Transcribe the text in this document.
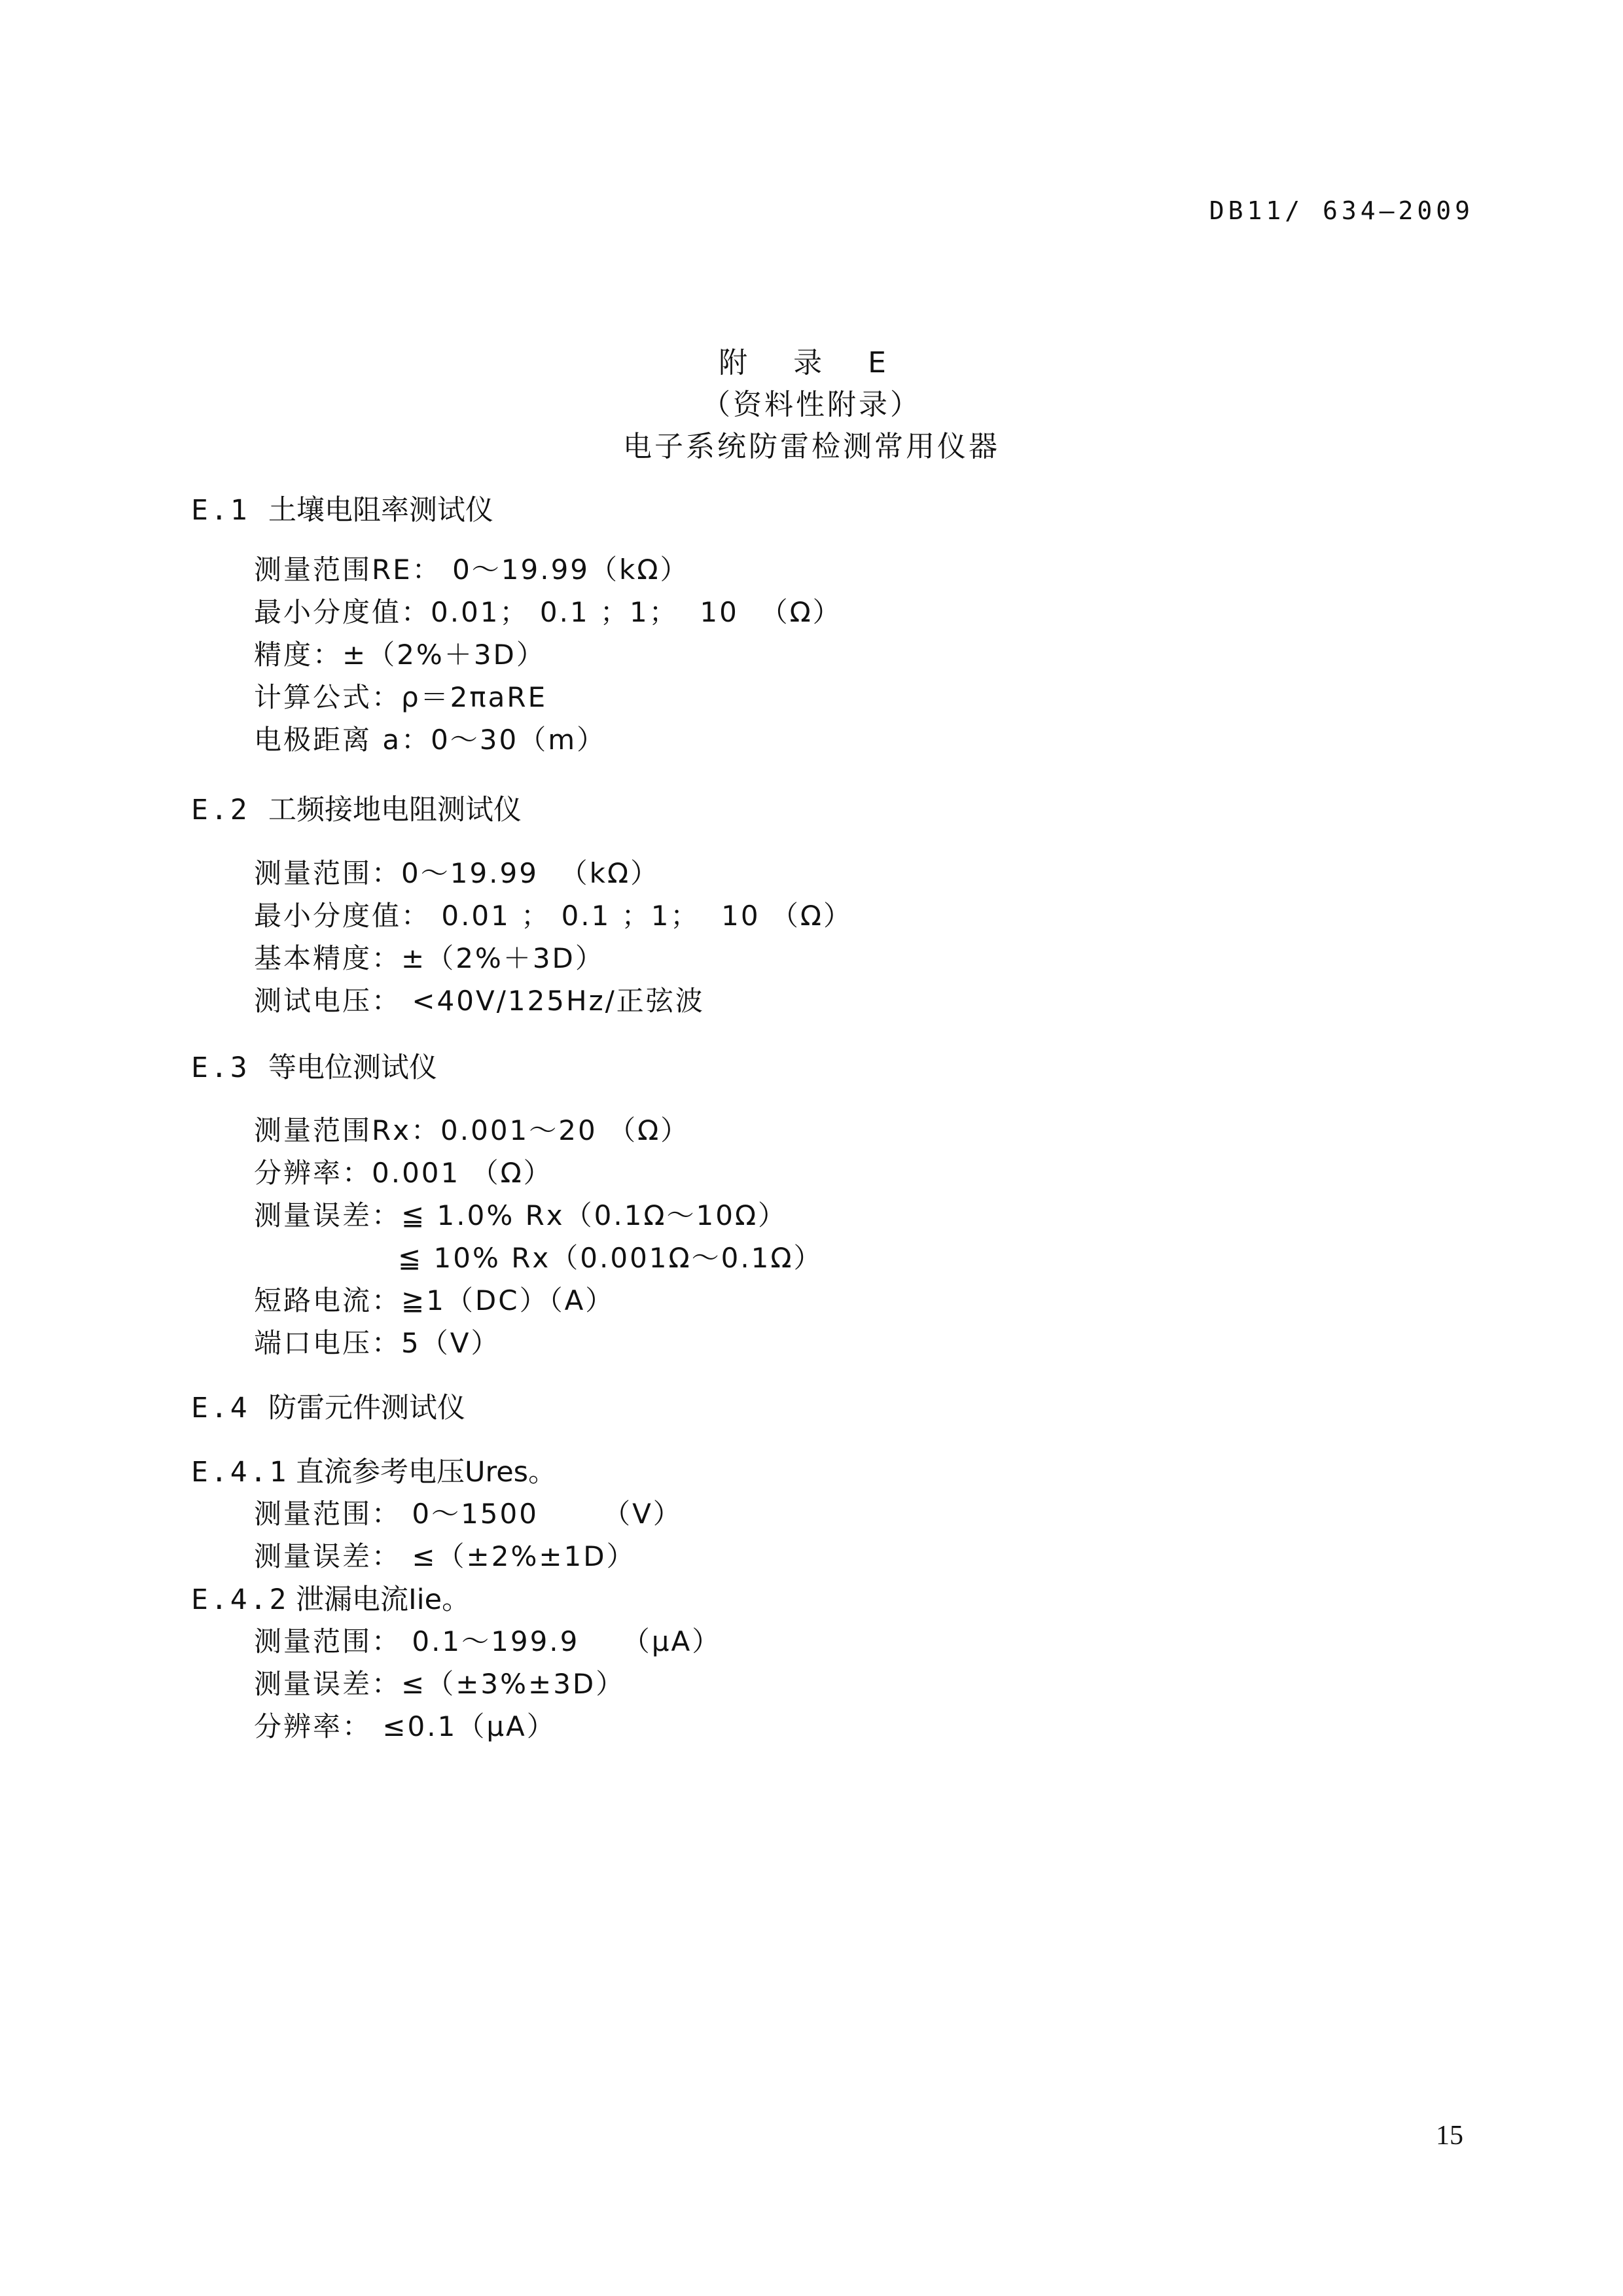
DB11/ 634—2009
附 录 E
（资料性附录）
电子系统防雷检测常用仪器
E.1 土壤电阻率测试仪
测量范围RE： 0～19.99（kΩ）
最小分度值：0.01； 0.1 ；1；  10  （Ω）
精度：±（2%＋3D）
计算公式：ρ＝2πaRE
电极距离 a：0～30（m）
E.2 工频接地电阻测试仪
测量范围：0～19.99  （kΩ）
最小分度值： 0.01 ； 0.1 ；1；  10 （Ω）
基本精度：±（2%＋3D）
测试电压： <40V/125Hz/正弦波
E.3 等电位测试仪
测量范围Rx：0.001～20 （Ω）
分辨率：0.001 （Ω）
测量误差：≦ 1.0% Rx（0.1Ω～10Ω）
≦ 10% Rx（0.001Ω～0.1Ω）
短路电流：≧1（DC）（A）
端口电压：5（V）
E.4 防雷元件测试仪
E.4.1 直流参考电压Ures。
测量范围： 0～1500      （V）
测量误差： ≤（±2%±1D）
E.4.2 泄漏电流Iie。
测量范围： 0.1～199.9    （μA）
测量误差：≤（±3%±3D）
分辨率： ≤0.1（μA）
15
